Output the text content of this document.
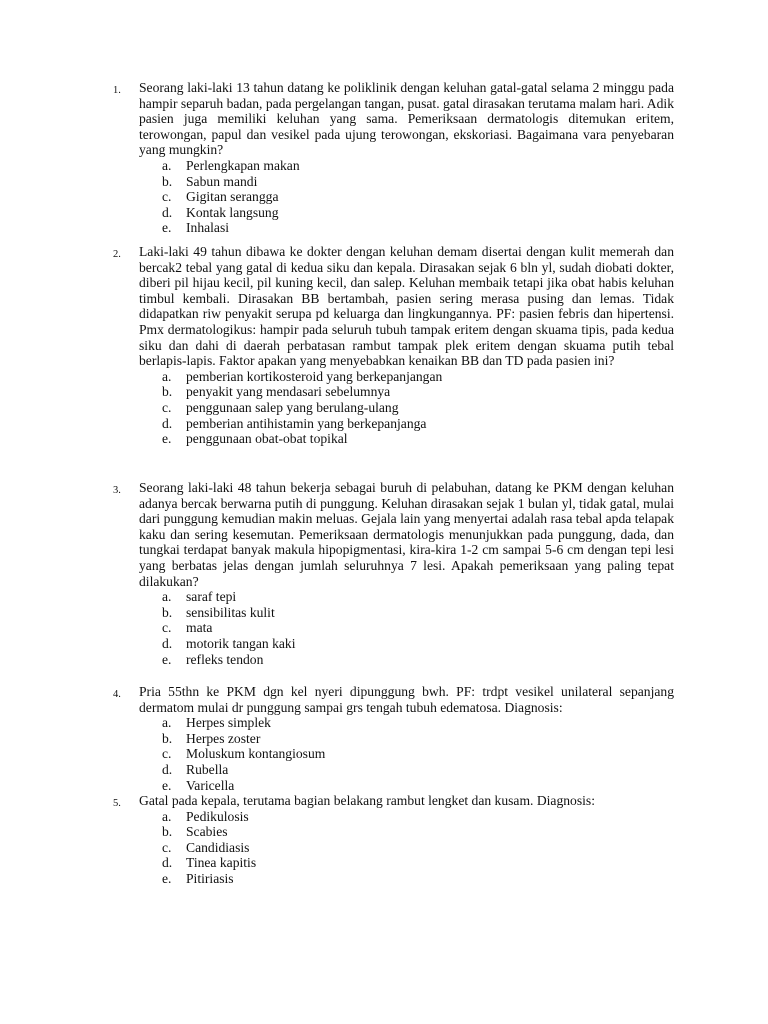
1.	Seorang laki-laki 13 tahun datang ke poliklinik dengan keluhan gatal-gatal selama 2 minggu pada hampir separuh badan, pada pergelangan tangan, pusat. gatal dirasakan terutama malam hari. Adik pasien juga memiliki keluhan yang sama. Pemeriksaan dermatologis ditemukan eritem, terowongan, papul dan vesikel pada ujung terowongan, ekskoriasi. Bagaimana vara penyebaran yang mungkin?

a.	Perlengkapan makan
b.	Sabun mandi
c.	Gigitan serangga
d.	Kontak langsung
e.	Inhalasi
2.	Laki-laki 49 tahun dibawa ke dokter dengan keluhan demam disertai dengan kulit memerah dan bercak2 tebal yang gatal di kedua siku dan kepala. Dirasakan sejak 6 bln yl, sudah diobati dokter, diberi pil hijau kecil, pil kuning kecil, dan salep. Keluhan membaik tetapi jika obat habis keluhan timbul kembali. Dirasakan BB bertambah, pasien sering merasa pusing dan lemas. Tidak didapatkan riw penyakit serupa pd keluarga dan lingkungannya. PF: pasien febris dan hipertensi. Pmx dermatologikus: hampir pada seluruh tubuh tampak eritem dengan skuama tipis, pada kedua siku dan dahi di daerah perbatasan rambut tampak plek eritem dengan skuama putih tebal berlapis-lapis. Faktor apakan yang menyebabkan kenaikan BB dan TD pada pasien ini?

a.	pemberian kortikosteroid yang berkepanjangan
b.	penyakit yang mendasari sebelumnya
c.	penggunaan salep yang berulang-ulang
d.	pemberian antihistamin yang berkepanjanga
e.	penggunaan obat-obat topikal
3.	Seorang laki-laki 48 tahun bekerja sebagai buruh di pelabuhan, datang ke PKM dengan keluhan adanya bercak berwarna putih di punggung. Keluhan dirasakan sejak 1 bulan yl, tidak gatal, mulai dari punggung kemudian makin meluas. Gejala lain yang menyertai adalah rasa tebal apda telapak kaku dan sering kesemutan. Pemeriksaan dermatologis menunjukkan pada punggung, dada, dan tungkai terdapat banyak makula hipopigmentasi, kira-kira 1-2 cm sampai 5-6 cm dengan tepi lesi yang berbatas jelas dengan jumlah seluruhnya 7 lesi. Apakah pemeriksaan yang paling tepat dilakukan?

a.	saraf tepi
b.	sensibilitas kulit
c.	mata
d.	motorik tangan kaki
e.	refleks tendon
4.	Pria 55thn ke PKM dgn kel nyeri dipunggung bwh. PF: trdpt vesikel unilateral sepanjang dermatom mulai dr punggung sampai grs tengah tubuh edematosa. Diagnosis:

a.	Herpes simplek
b.	Herpes zoster
c.	Moluskum kontangiosum
d.	Rubella
e.	Varicella
5.	Gatal pada kepala, terutama bagian belakang rambut lengket dan kusam. Diagnosis:

a.	Pedikulosis
b.	Scabies
c.	Candidiasis
d.	Tinea kapitis
e.	Pitiriasis
